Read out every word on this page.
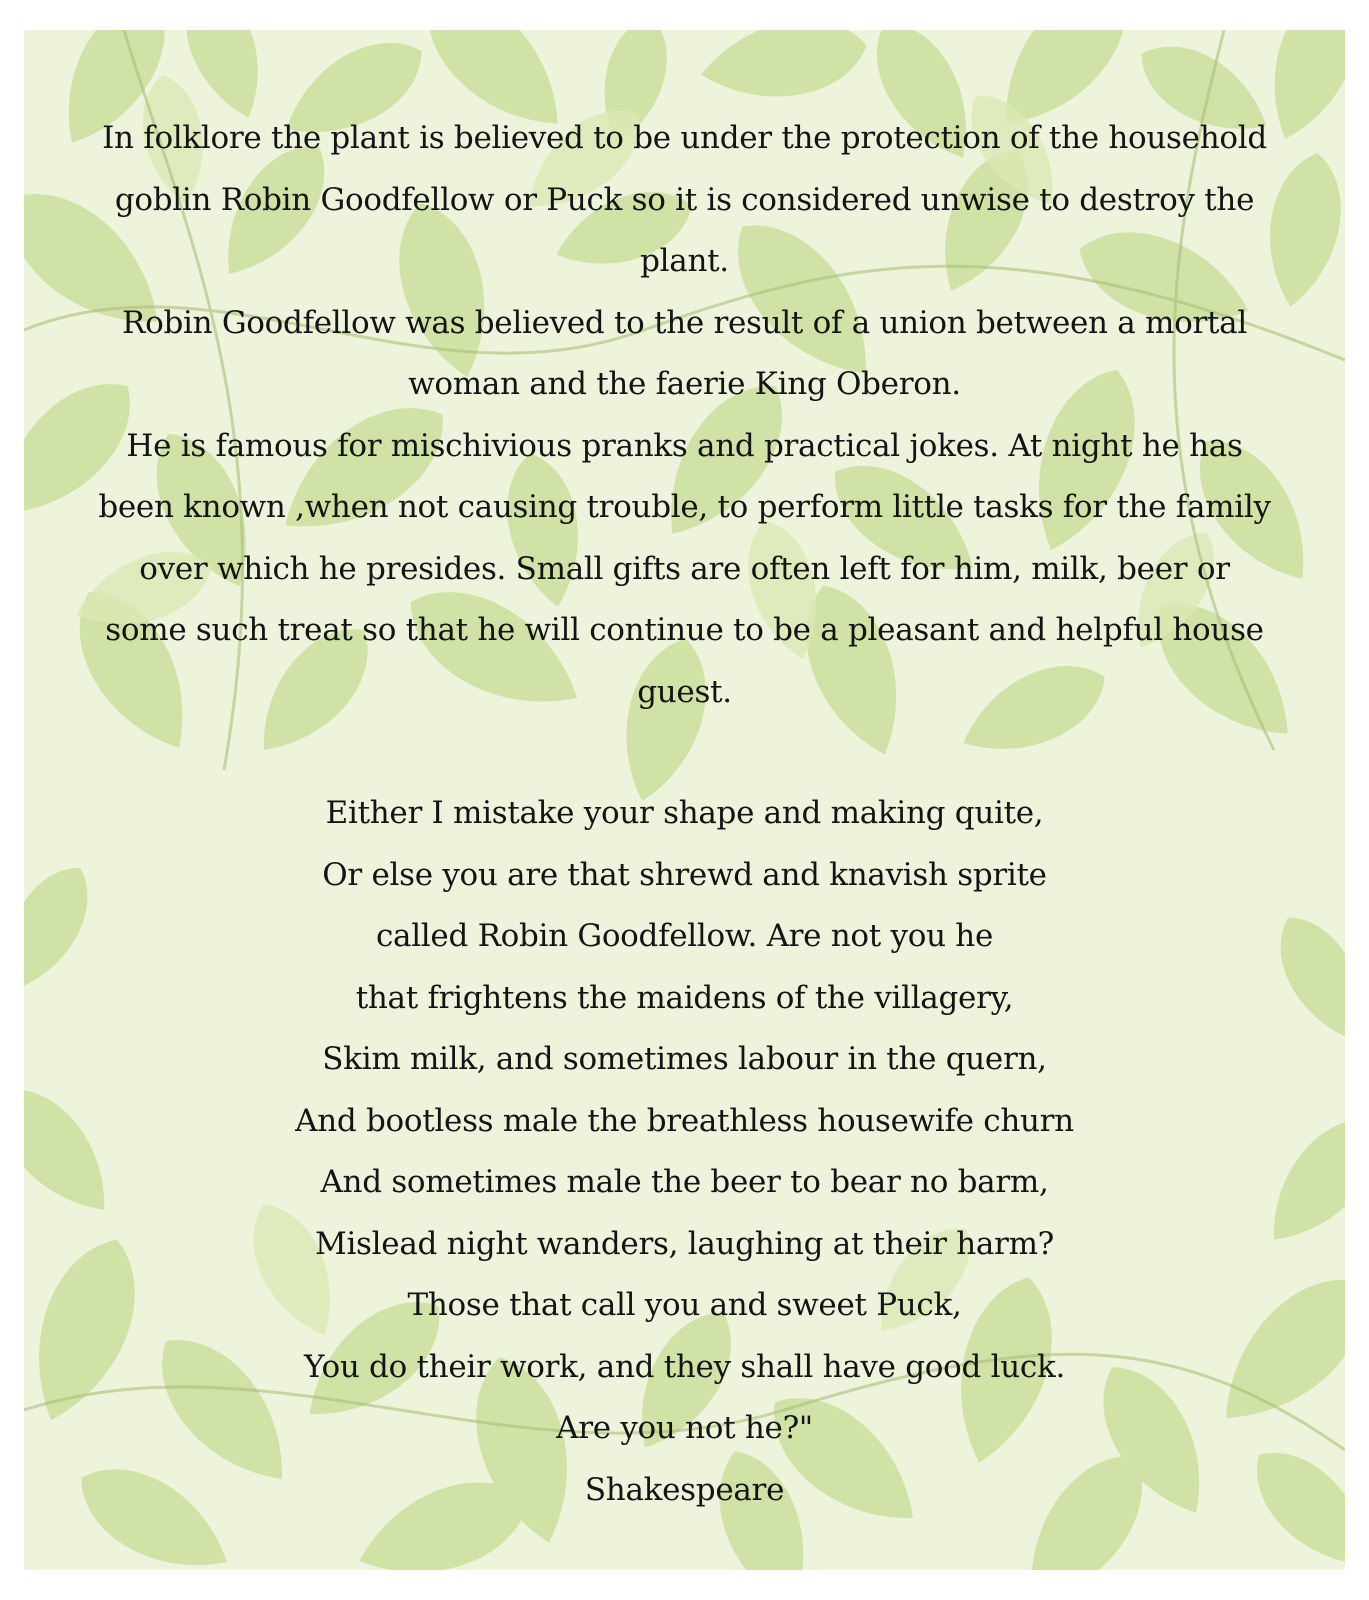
In folklore the plant is believed to be under the protection of the household goblin Robin Goodfellow or Puck so it is considered unwise to destroy the plant.

Robin Goodfellow was believed to the result of a union between a mortal woman and the faerie King Oberon.

He is famous for mischivious pranks and practical jokes. At night he has been known ,when not causing trouble, to perform little tasks for the family over which he presides. Small gifts are often left for him, milk, beer or some such treat so that he will continue to be a pleasant and helpful house guest.

Either I mistake your shape and making quite,
Or else you are that shrewd and knavish sprite
called Robin Goodfellow. Are not you he
that frightens the maidens of the villagery,
Skim milk, and sometimes labour in the quern,
And bootless male the breathless housewife churn
And sometimes male the beer to bear no barm,
Mislead night wanders, laughing at their harm?
Those that call you and sweet Puck,
You do their work, and they shall have good luck.
Are you not he?"
Shakespeare
